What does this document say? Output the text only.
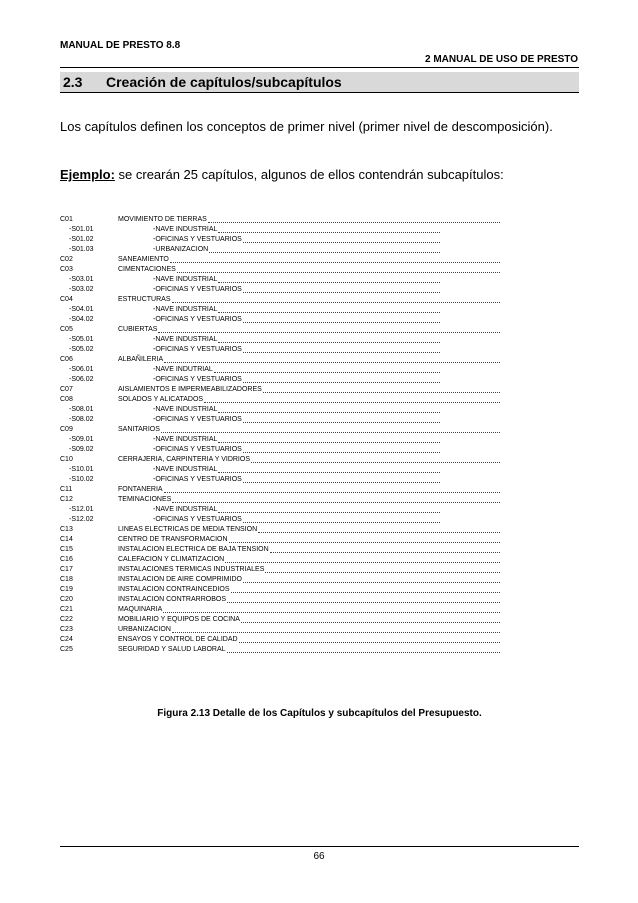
MANUAL DE PRESTO 8.8
2 MANUAL DE USO DE PRESTO
2.3 Creación de capítulos/subcapítulos
Los capítulos definen los conceptos de primer nivel (primer nivel de descomposición).
Ejemplo: se crearán 25 capítulos, algunos de ellos contendrán subcapítulos:
C01	MOVIMIENTO DE TIERRAS
-S01.01	-NAVE INDUSTRIAL
-S01.02	-OFICINAS Y VESTUARIOS
-S01.03	-URBANIZACION
C02	SANEAMIENTO
C03	CIMENTACIONES
-S03.01	-NAVE INDUSTRIAL
-S03.02	-OFICINAS Y VESTUARIOS
C04	ESTRUCTURAS
-S04.01	-NAVE INDUSTRIAL
-S04.02	-OFICINAS Y VESTUARIOS
C05	CUBIERTAS
-S05.01	-NAVE INDUSTRIAL
-S05.02	-OFICINAS Y VESTUARIOS
C06	ALBAÑILERIA
-S06.01	-NAVE INDUTRIAL
-S06.02	-OFICINAS Y VESTUARIOS
C07	AISLAMIENTOS E IMPERMEABILIZADORES
C08	SOLADOS Y ALICATADOS
-S08.01	-NAVE INDUSTRIAL
-S08.02	-OFICINAS Y VESTUARIOS
C09	SANITARIOS
-S09.01	-NAVE INDUSTRIAL
-S09.02	-OFICINAS Y VESTUARIOS
C10	CERRAJERIA, CARPINTERIA Y VIDRIOS
-S10.01	-NAVE INDUSTRIAL
-S10.02	-OFICINAS Y VESTUARIOS
C11	FONTANERIA
C12	TEMINACIONES
-S12.01	-NAVE INDUSTRIAL
-S12.02	-OFICINAS Y VESTUARIOS
C13	LINEAS ELECTRICAS DE MEDIA TENSION
C14	CENTRO DE TRANSFORMACION
C15	INSTALACION ELECTRICA DE BAJA TENSION
C16	CALEFACION Y CLIMATIZACION
C17	INSTALACIONES TERMICAS INDUSTRIALES
C18	INSTALACION DE AIRE COMPRIMIDO
C19	INSTALACION CONTRAINCEDIOS
C20	INSTALACION CONTRARROBOS
C21	MAQUINARIA
C22	MOBILIARIO Y EQUIPOS DE COCINA
C23	URBANIZACION
C24	ENSAYOS Y CONTROL DE CALIDAD
C25	SEGURIDAD Y SALUD LABORAL
Figura 2.13 Detalle de los Capítulos y subcapítulos del Presupuesto.
66
